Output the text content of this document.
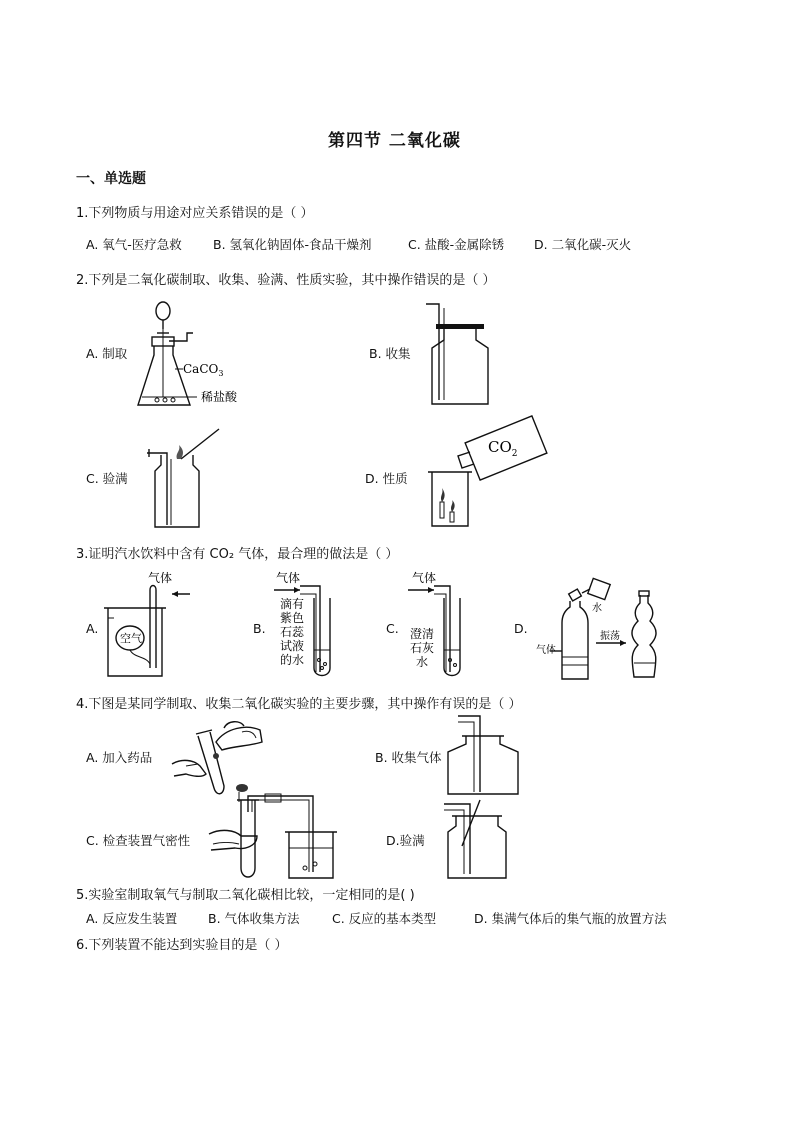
第四节 二氧化碳
一、单选题
1.下列物质与用途对应关系错误的是（ ）
A. 氧气-医疗急救 B. 氢氧化钠固体-食品干燥剂	C. 盐酸-金属除锈 D. 二氧化碳-灭火
2.下列是二氧化碳制取、收集、验满、性质实验，其中操作错误的是（ ）
A. 制取	B. 收集
C. 验满	D. 性质
CaCO$_3$
稀盐酸
$CO_2$
3.证明汽水饮料中含有 CO₂ 气体，最合理的做法是（ ）
A.	B.	C.	D.
气体
空气
气体
滴有
紫色
石蕊
试液
的水
气体
澄清
石灰
水
水
气体
振荡
4.下图是某同学制取、收集二氧化碳实验的主要步骤，其中操作有误的是（ ）
A. 加入药品	B. 收集气体
C. 检查装置气密性	D.验满
5.实验室制取氧气与制取二氧化碳相比较，一定相同的是( )
A. 反应发生装置 B. 气体收集方法	C. 反应的基本类型	D. 集满气体后的集气瓶的放置方法
6.下列装置不能达到实验目的是（ ）
